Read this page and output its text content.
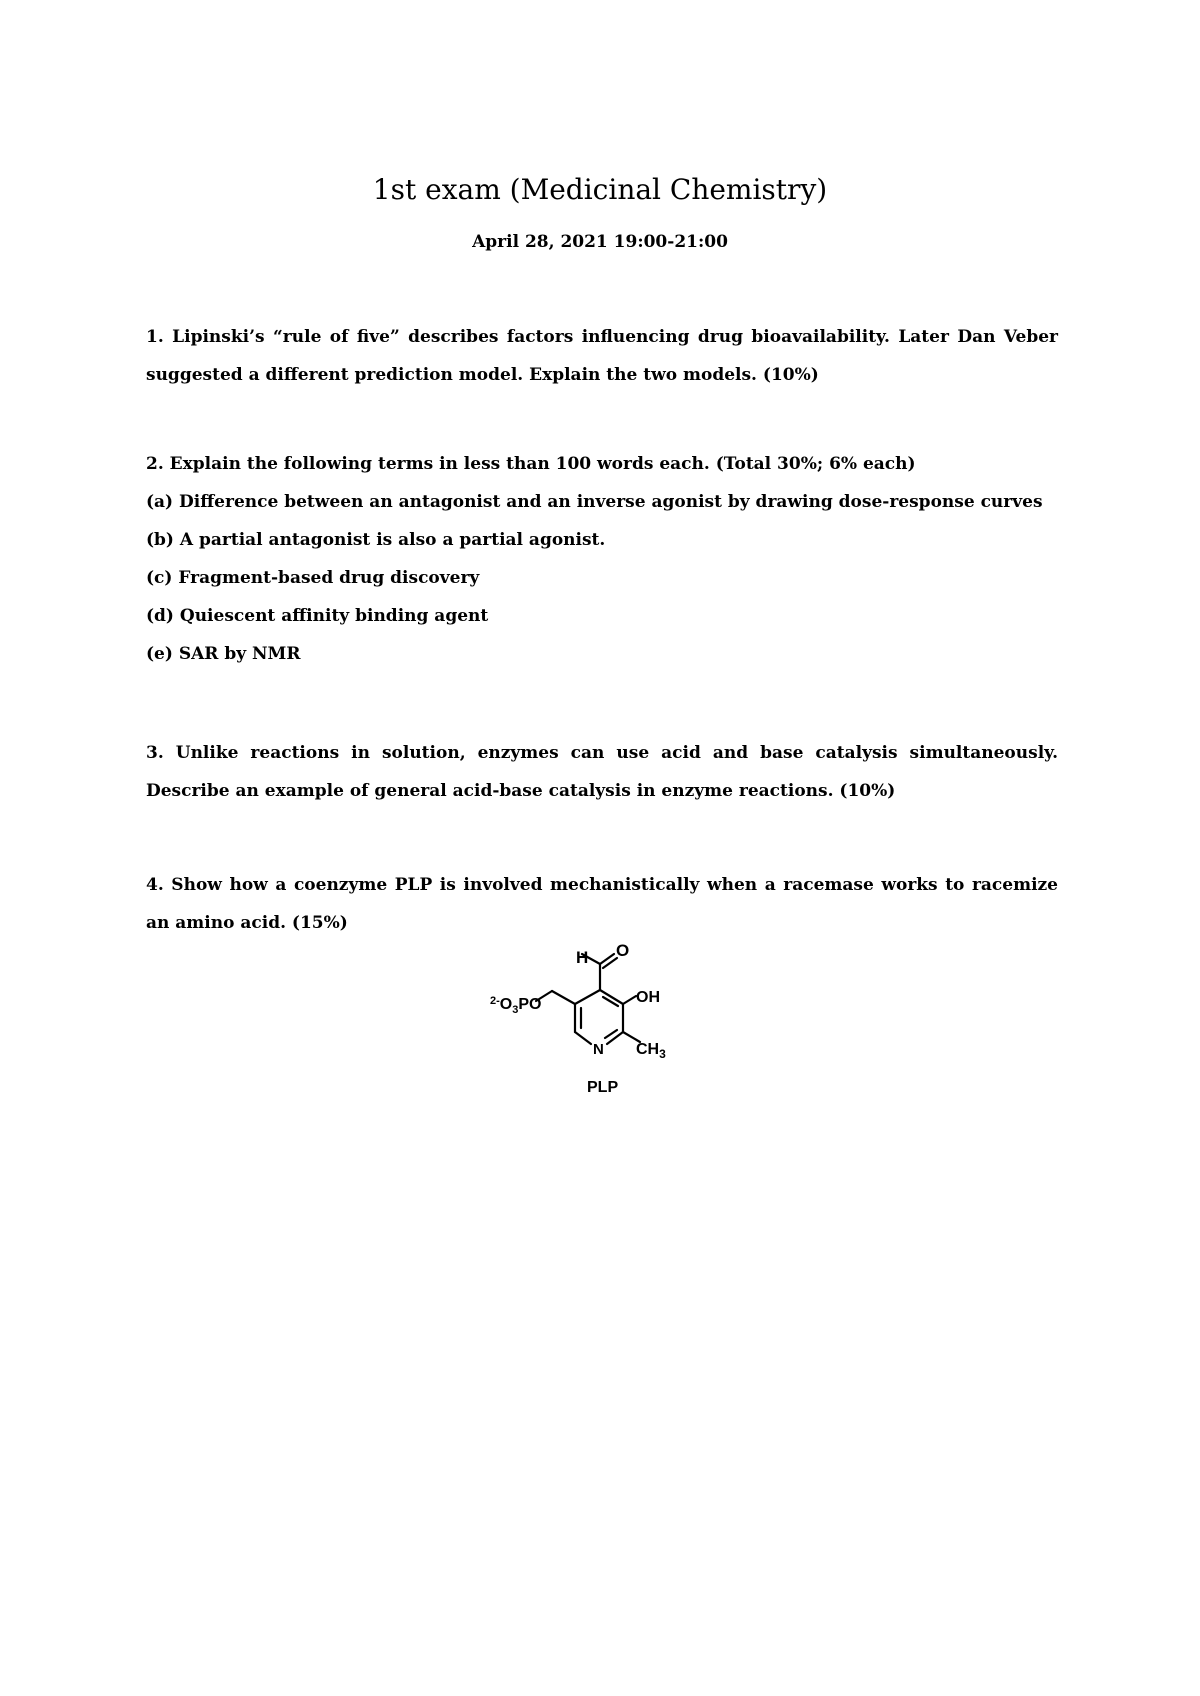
1st exam (Medicinal Chemistry)
April 28, 2021 19:00-21:00
1. Lipinski’s “rule of five” describes factors influencing drug bioavailability. Later Dan Veber suggested a different prediction model. Explain the two models. (10%)
2. Explain the following terms in less than 100 words each. (Total 30%; 6% each)
(a) Difference between an antagonist and an inverse agonist by drawing dose-response curves
(b) A partial antagonist is also a partial agonist.
(c) Fragment-based drug discovery
(d) Quiescent affinity binding agent
(e) SAR by NMR
3. Unlike reactions in solution, enzymes can use acid and base catalysis simultaneously. Describe an example of general acid-base catalysis in enzyme reactions. (10%)
4. Show how a coenzyme PLP is involved mechanistically when a racemase works to racemize an amino acid. (15%)
H O
OH
N $CH_3$
$^{2-}O_3PO$
PLP
